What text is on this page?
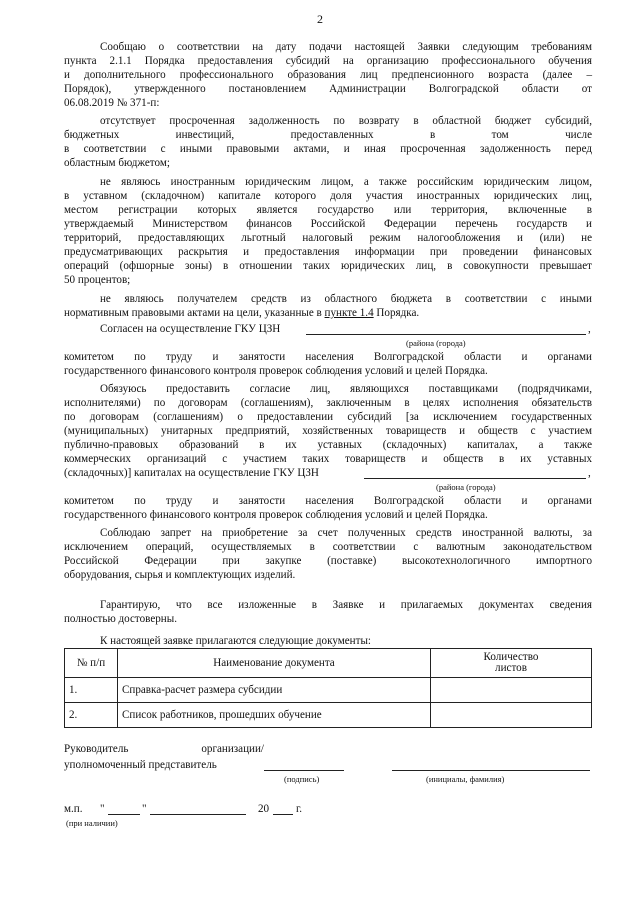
2
Сообщаю о соответствии на дату подачи настоящей Заявки следующим требованиям
пункта 2.1.1 Порядка предоставления субсидий на организацию профессионального обучения
и дополнительного профессионального образования лиц предпенсионного возраста (далее –
Порядок), утвержденного постановлением Администрации Волгоградской области от
06.08.2019 № 371-п:
отсутствует просроченная задолженность по возврату в областной бюджет субсидий,
бюджетных инвестиций, предоставленных в том числе
в соответствии с иными правовыми актами, и иная просроченная задолженность перед
областным бюджетом;
не являюсь иностранным юридическим лицом, а также российским юридическим лицом,
в уставном (складочном) капитале которого доля участия иностранных юридических лиц,
местом регистрации которых является государство или территория, включенные в
утверждаемый Министерством финансов Российской Федерации перечень государств и
территорий, предоставляющих льготный налоговый режим налогообложения и (или) не
предусматривающих раскрытия и предоставления информации при проведении финансовых
операций (офшорные зоны) в отношении таких юридических лиц, в совокупности превышает
50 процентов;
не являюсь получателем средств из областного бюджета в соответствии с иными
нормативным правовыми актами на цели, указанные в пункте 1.4 Порядка.
Согласен на осуществление ГКУ ЦЗН	,
(района (города)
комитетом по труду и занятости населения Волгоградской области и органами
государственного финансового контроля проверок соблюдения условий и целей Порядка.
Обязуюсь предоставить согласие лиц, являющихся поставщиками (подрядчиками,
исполнителями) по договорам (соглашениям), заключенным в целях исполнения обязательств
по договорам (соглашениям) о предоставлении субсидий [за исключением государственных
(муниципальных) унитарных предприятий, хозяйственных товариществ и обществ с участием
публично-правовых образований в их уставных (складочных) капиталах, а также
коммерческих организаций с участием таких товариществ и обществ в их уставных
(складочных)] капиталах на осуществление ГКУ ЦЗН	,
(района (города)
комитетом по труду и занятости населения Волгоградской области и органами
государственного финансового контроля проверок соблюдения условий и целей Порядка.
Соблюдаю запрет на приобретение за счет полученных средств иностранной валюты, за
исключением операций, осуществляемых в соответствии с валютным законодательством
Российской Федерации при закупке (поставке) высокотехнологичного импортного
оборудования, сырья и комплектующих изделий.
Гарантирую, что все изложенные в Заявке и прилагаемых документах сведения
полностью достоверны.
К настоящей заявке прилагаются следующие документы:
№ п/п	Наименование документа	Количество
листов
1.	Справка-расчет размера субсидии	
2.	Список работников, прошедших обучение	
Руководитель организации/
уполномоченный представитель
(подпись)	(инициалы, фамилия)
м.п. "	"	20 г.
(при наличии)
